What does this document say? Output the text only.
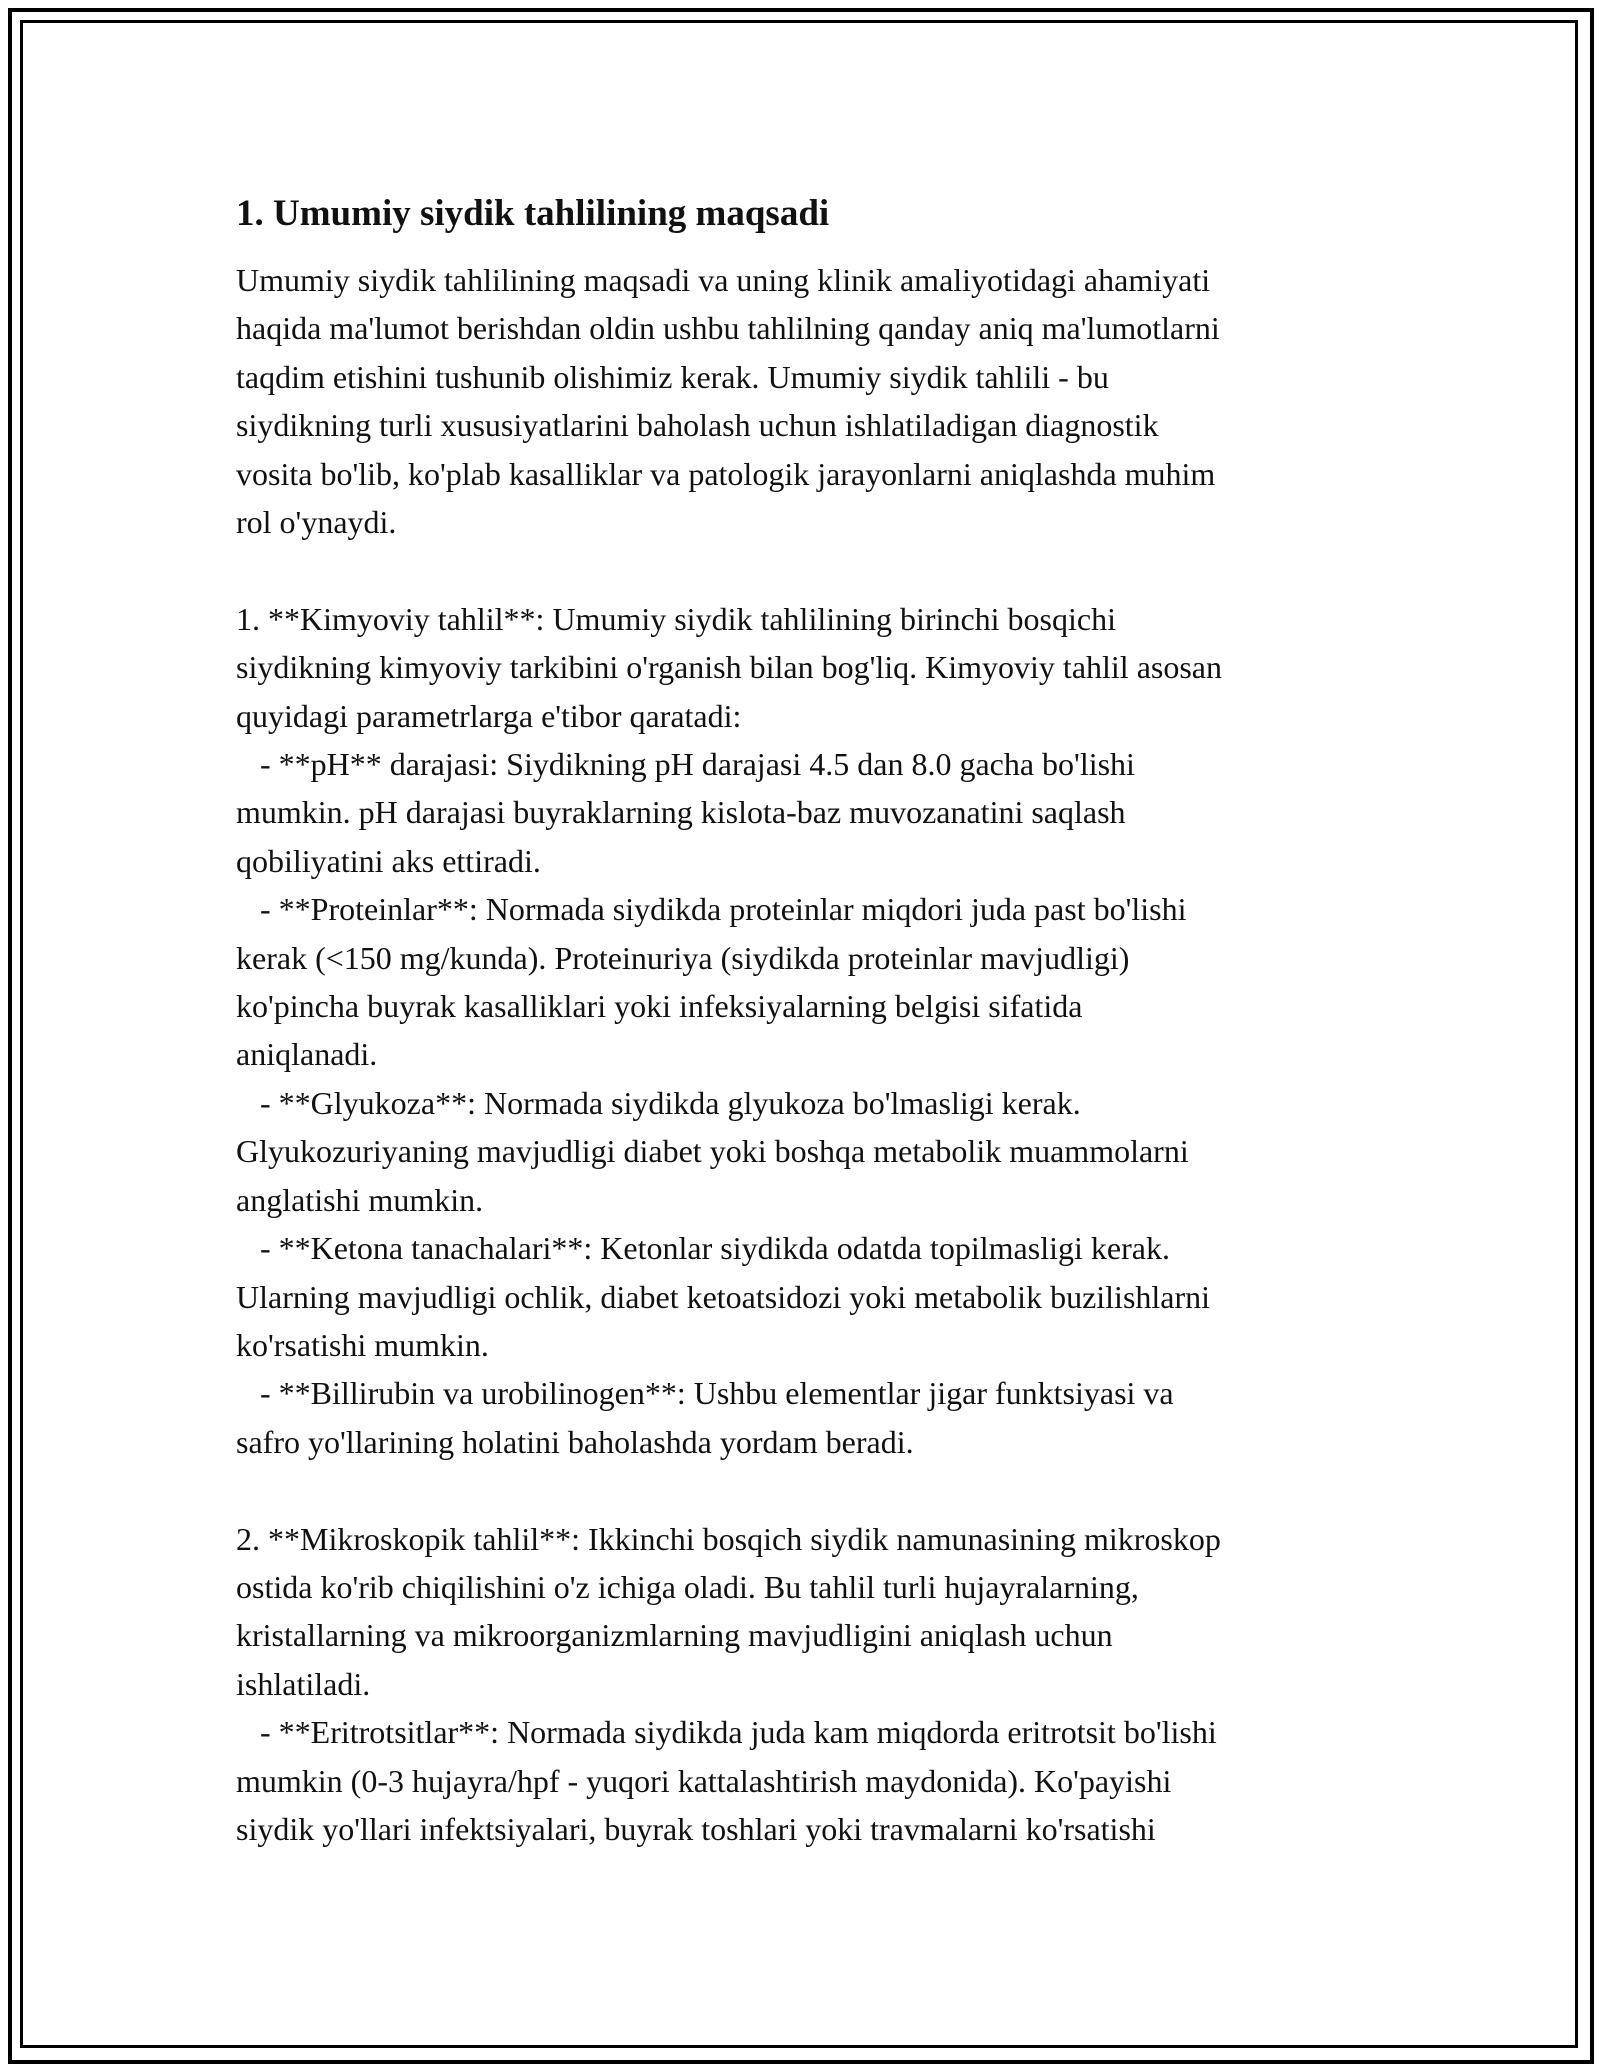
1. Umumiy siydik tahlilining maqsadi
Umumiy siydik tahlilining maqsadi va uning klinik amaliyotidagi ahamiyati
haqida ma'lumot berishdan oldin ushbu tahlilning qanday aniq ma'lumotlarni
taqdim etishini tushunib olishimiz kerak. Umumiy siydik tahlili - bu
siydikning turli xususiyatlarini baholash uchun ishlatiladigan diagnostik
vosita bo'lib, ko'plab kasalliklar va patologik jarayonlarni aniqlashda muhim
rol o'ynaydi.
1. **Kimyoviy tahlil**: Umumiy siydik tahlilining birinchi bosqichi
siydikning kimyoviy tarkibini o'rganish bilan bog'liq. Kimyoviy tahlil asosan
quyidagi parametrlarga e'tibor qaratadi:
- **pH** darajasi: Siydikning pH darajasi 4.5 dan 8.0 gacha bo'lishi
mumkin. pH darajasi buyraklarning kislota-baz muvozanatini saqlash
qobiliyatini aks ettiradi.
- **Proteinlar**: Normada siydikda proteinlar miqdori juda past bo'lishi
kerak (<150 mg/kunda). Proteinuriya (siydikda proteinlar mavjudligi)
ko'pincha buyrak kasalliklari yoki infeksiyalarning belgisi sifatida
aniqlanadi.
- **Glyukoza**: Normada siydikda glyukoza bo'lmasligi kerak.
Glyukozuriyaning mavjudligi diabet yoki boshqa metabolik muammolarni
anglatishi mumkin.
- **Ketona tanachalari**: Ketonlar siydikda odatda topilmasligi kerak.
Ularning mavjudligi ochlik, diabet ketoatsidozi yoki metabolik buzilishlarni
ko'rsatishi mumkin.
- **Billirubin va urobilinogen**: Ushbu elementlar jigar funktsiyasi va
safro yo'llarining holatini baholashda yordam beradi.
2. **Mikroskopik tahlil**: Ikkinchi bosqich siydik namunasining mikroskop
ostida ko'rib chiqilishini o'z ichiga oladi. Bu tahlil turli hujayralarning,
kristallarning va mikroorganizmlarning mavjudligini aniqlash uchun
ishlatiladi.
- **Eritrotsitlar**: Normada siydikda juda kam miqdorda eritrotsit bo'lishi
mumkin (0-3 hujayra/hpf - yuqori kattalashtirish maydonida). Ko'payishi
siydik yo'llari infektsiyalari, buyrak toshlari yoki travmalarni ko'rsatishi
